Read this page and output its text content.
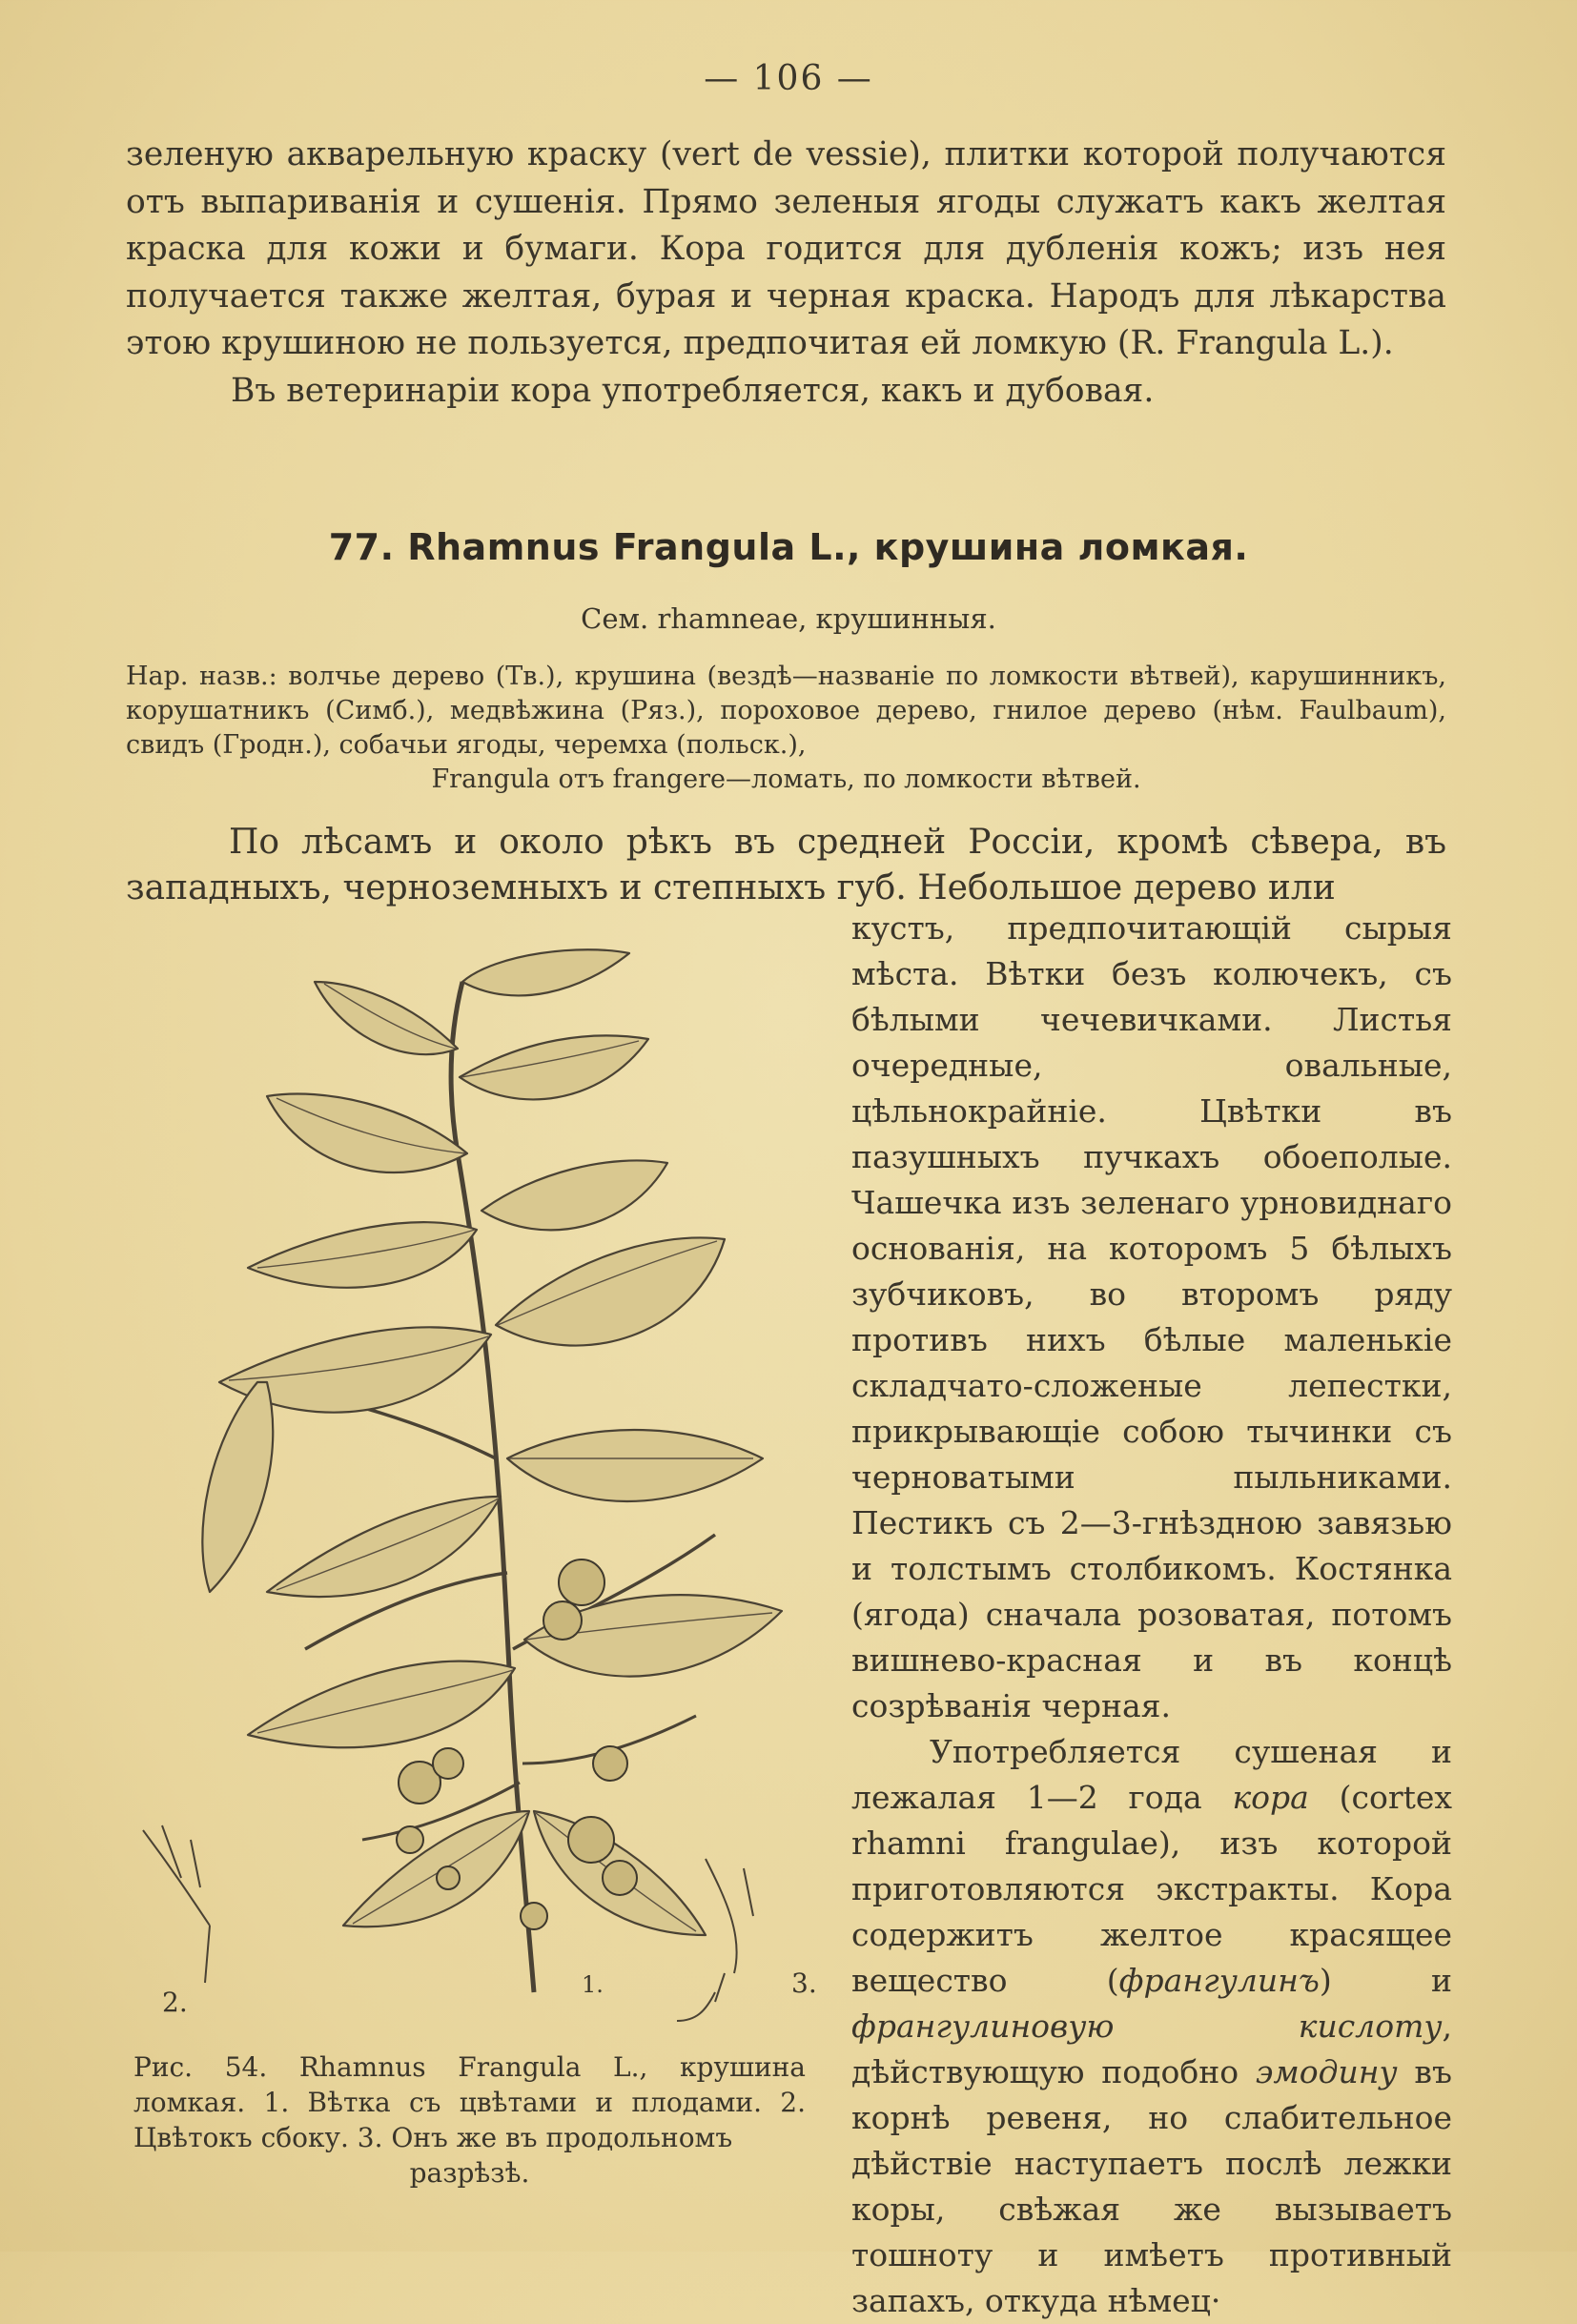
— 106 —

зеленую акварельную краску (vert de vessie), плитки которой получаются отъ выпариванія и сушенія. Прямо зеленыя ягоды служатъ какъ желтая краска для кожи и бумаги. Кора годится для дубленія кожъ; изъ нея получается также желтая, бурая и черная краска. Народъ для лѣкарства этою крушиною не пользуется, предпочитая ей ломкую (R. Frangula L.).

Въ ветеринаріи кора употребляется, какъ и дубовая.

77. Rhamnus Frangula L., крушина ломкая.
Сем. rhamneae, крушинныя.
Нар. назв.: волчье дерево (Тв.), крушина (вездѣ—названіе по ломкости вѣтвей), карушинникъ, корушатникъ (Симб.), медвѣжина (Ряз.), пороховое дерево, гнилое дерево (нѣм. Faulbaum), свидъ (Гродн.), собачьи ягоды, черемха (польск.),
Frangula отъ frangere—ломать, по ломкости вѣтвей.

По лѣсамъ и около рѣкъ въ средней Россіи, кромѣ сѣвера, въ западныхъ, черноземныхъ и степныхъ губ. Небольшое дерево или

2.
1.	3.
Рис. 54. Rhamnus Frangula L., крушина ломкая. 1. Вѣтка съ цвѣтами и плодами. 2. Цвѣтокъ сбоку. 3. Онъ же въ продольномъ
разрѣзѣ.

кустъ, предпочитающій сырыя мѣста. Вѣтки безъ колючекъ, съ бѣлыми чечевичками. Листья очередные, овальные, цѣльнокрайніе. Цвѣтки въ пазушныхъ пучкахъ обоеполые. Чашечка изъ зеленаго урновиднаго основанія, на которомъ 5 бѣлыхъ зубчиковъ, во второмъ ряду противъ нихъ бѣлые маленькіе складчато-сложеные лепестки, прикрывающіе собою тычинки съ черноватыми пыльниками. Пестикъ съ 2—3-гнѣздною завязью и толстымъ столбикомъ. Костянка (ягода) сначала розоватая, потомъ вишнево-красная и въ концѣ созрѣванія черная.

Употребляется сушеная и лежалая 1—2 года кора (cortex rhamni frangulae), изъ которой приготовляются экстракты. Кора содержитъ желтое красящее вещество (франгулинъ) и франгулиновую кислоту, дѣйствующую подобно эмодину въ корнѣ ревеня, но слабительное дѣйствіе наступаетъ послѣ лежки коры, свѣжая же вызываетъ тошноту и имѣетъ противный запахъ, откуда нѣмец·
